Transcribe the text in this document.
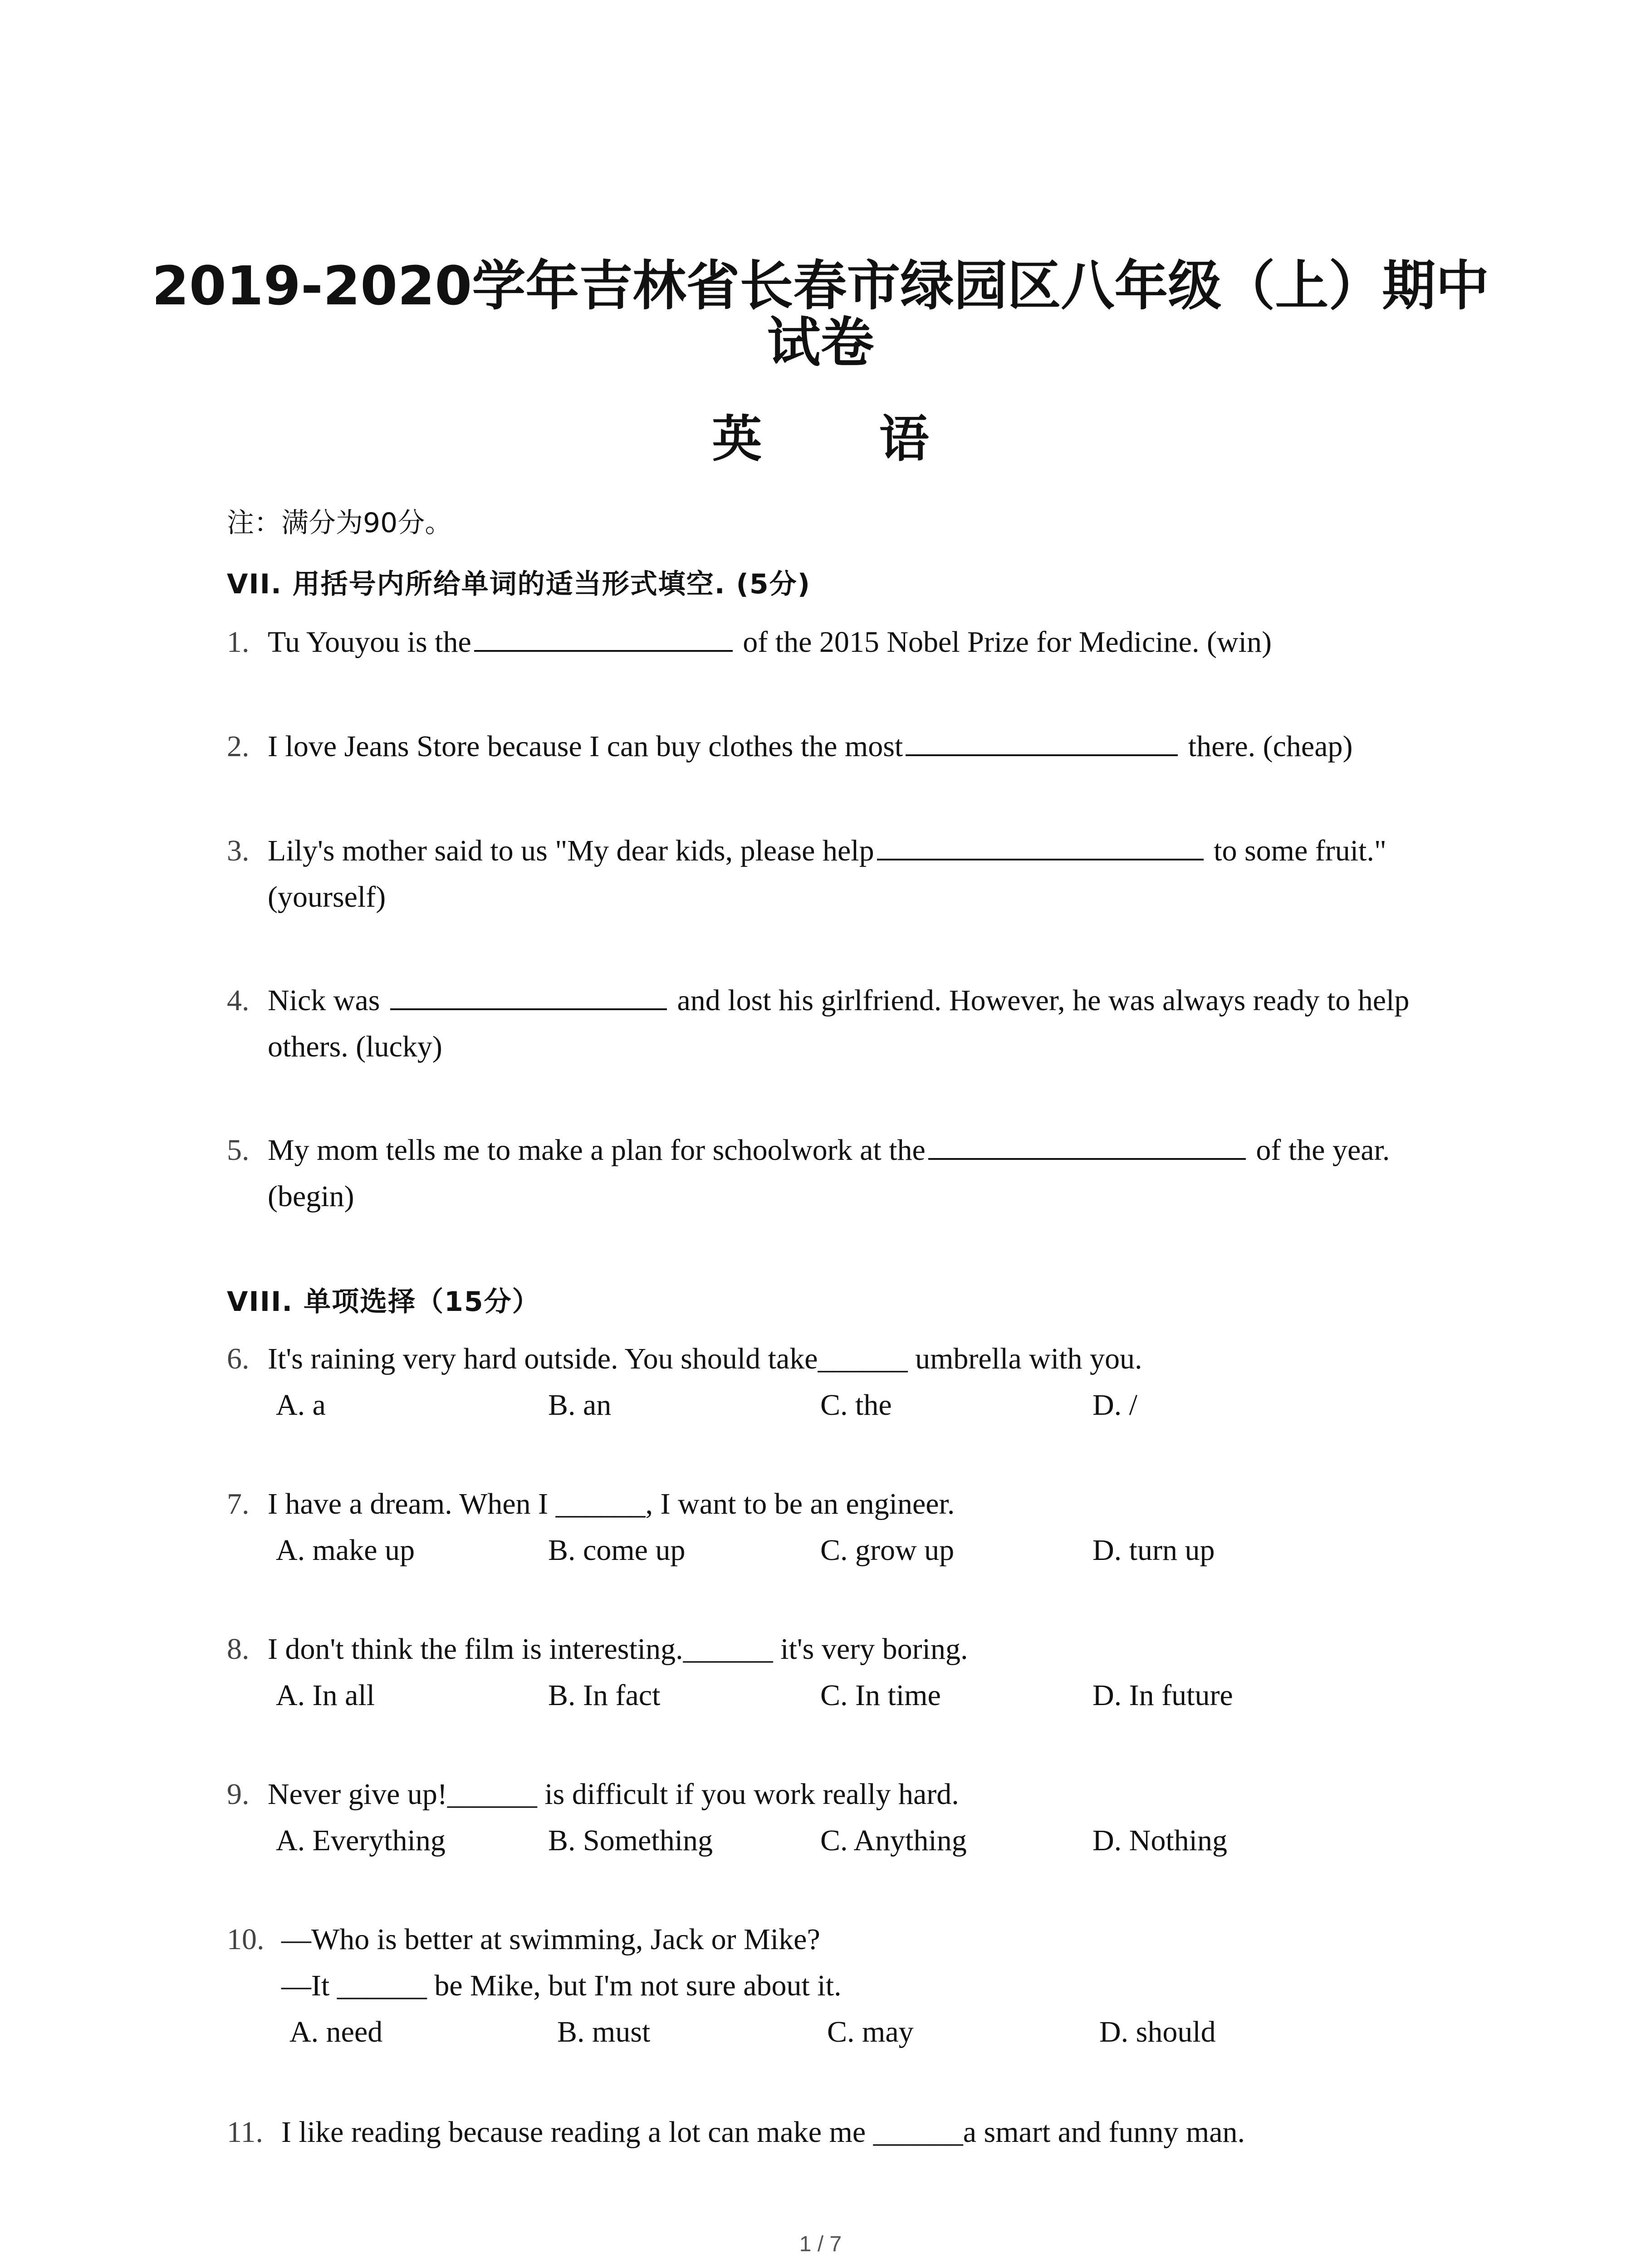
2019-2020学年吉林省长春市绿园区八年级（上）期中
试卷
英 语
注：满分为90分。
VII. 用括号内所给单词的适当形式填空. (5分)
1. Tu Youyou is the	of the 2015 Nobel Prize for Medicine. (win)
2. I love Jeans Store because I can buy clothes the most	there. (cheap)
3. Lily's mother said to us "My dear kids, please help	to some fruit."
(yourself)
4. Nick was	and lost his girlfriend. However, he was always ready to help
others. (lucky)
5. My mom tells me to make a plan for schoolwork at the	of the year.
(begin)
VIII. 单项选择（15分）
6. It's raining very hard outside. You should take______ umbrella with you.
A. a	B. an	C. the	D. /
7. I have a dream. When I ______, I want to be an engineer.
A. make up	B. come up	C. grow up	D. turn up
8. I don't think the film is interesting.______ it's very boring.
A. In all	B. In fact	C. In time	D. In future
9. Never give up!______ is difficult if you work really hard.
A. Everything	B. Something	C. Anything	D. Nothing
10. —Who is better at swimming, Jack or Mike?
—It ______ be Mike, but I'm not sure about it.
A. need	B. must	C. may	D. should
11. I like reading because reading a lot can make me ______a smart and funny man.
1 / 7
